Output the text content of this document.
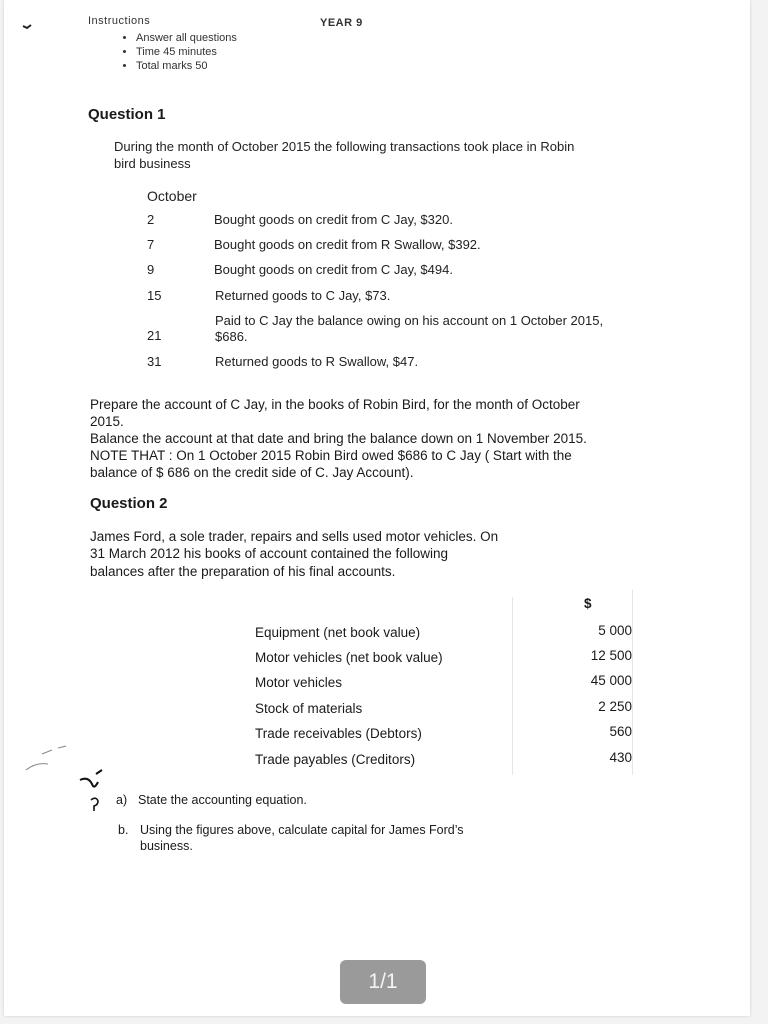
Instructions	YEAR 9
• Answer all questions
• Time 45 minutes
• Total marks 50
Question 1
During the month of October 2015 the following transactions took place in Robin
bird business
October
2	Bought goods on credit from C Jay, $320.
7	Bought goods on credit from R Swallow, $392.
9	Bought goods on credit from C Jay, $494.
15	Returned goods to C Jay, $73.
Paid to C Jay the balance owing on his account on 1 October 2015,
21	$686.
31	Returned goods to R Swallow, $47.
Prepare the account of C Jay, in the books of Robin Bird, for the month of October
2015.
Balance the account at that date and bring the balance down on 1 November 2015.
NOTE THAT : On 1 October 2015 Robin Bird owed $686 to C Jay ( Start with the
balance of $ 686 on the credit side of C. Jay Account).
Question 2
James Ford, a sole trader, repairs and sells used motor vehicles. On
31 March 2012 his books of account contained the following
balances after the preparation of his final accounts.
$
Equipment (net book value)	5 000
Motor vehicles (net book value)	12 500
Motor vehicles	45 000
Stock of materials	2 250
Trade receivables (Debtors)	560
Trade payables (Creditors)	430
a) State the accounting equation.
b. Using the figures above, calculate capital for James Ford’s
business.
1/1
